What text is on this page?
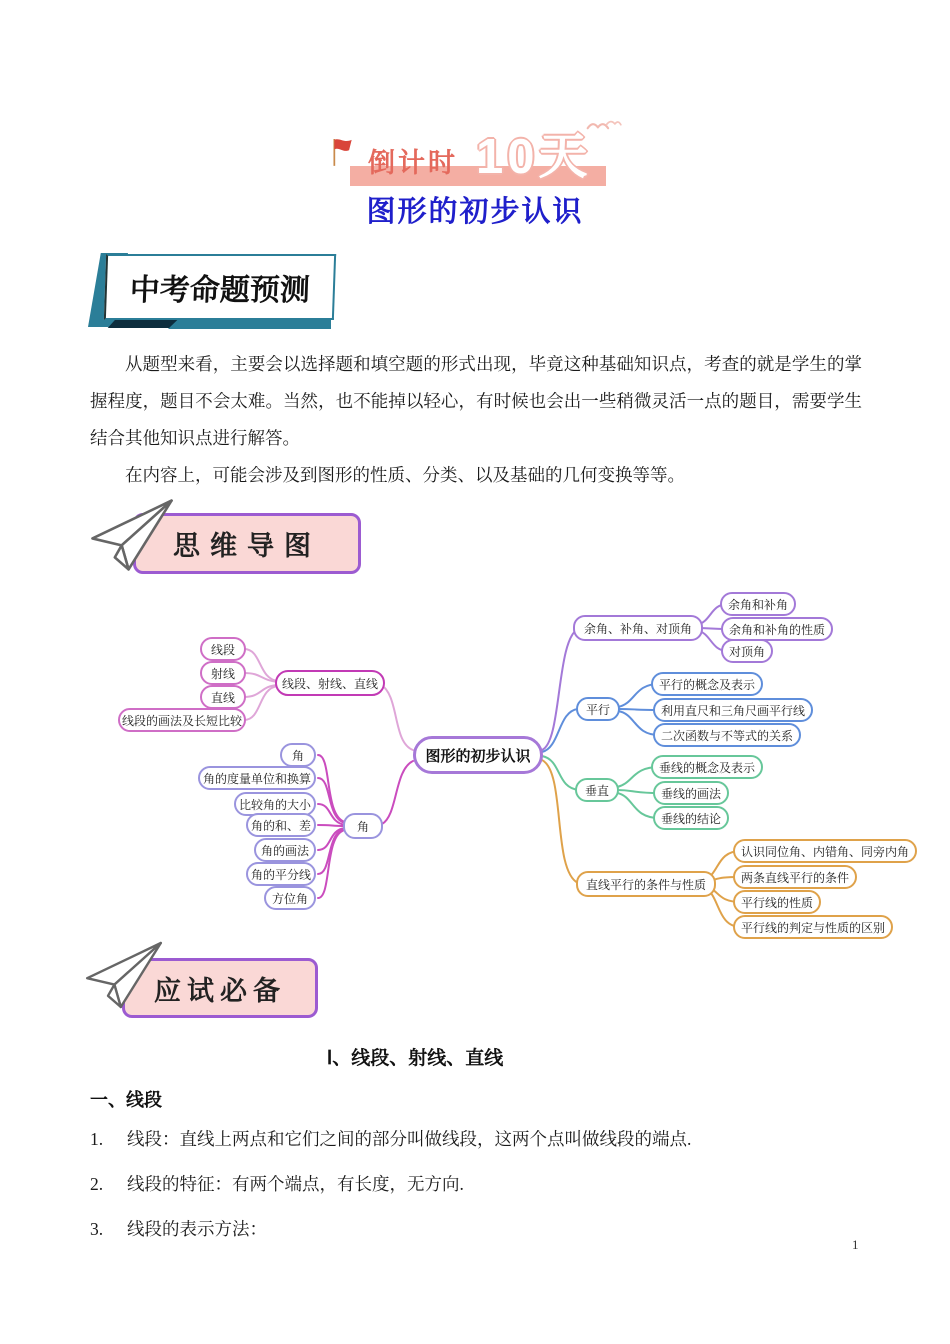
倒计时 10天
图形的初步认识
中考命题预测

从题型来看，主要会以选择题和填空题的形式出现，毕竟这种基础知识点，考查的就是学生的掌握程度，题目不会太难。当然，也不能掉以轻心，有时候也会出一些稍微灵活一点的题目，需要学生结合其他知识点进行解答。

在内容上，可能会涉及到图形的性质、分类、以及基础的几何变换等等。

思维导图
线段
射线
直线
线段的画法及长短比较
线段、射线、直线
角
角的度量单位和换算
比较角的大小
角的和、差
角的画法
角的平分线
方位角
角
图形的初步认识
余角、补角、对顶角
余角和补角
余角和补角的性质
对顶角
平行
平行的概念及表示
利用直尺和三角尺画平行线
二次函数与不等式的关系
垂直
垂线的概念及表示
垂线的画法
垂线的结论
直线平行的条件与性质
认识同位角、内错角、同旁内角
两条直线平行的条件
平行线的性质
平行线的判定与性质的区别
应试必备
Ⅰ、线段、射线、直线
一、线段
1. 线段：直线上两点和它们之间的部分叫做线段，这两个点叫做线段的端点.
2. 线段的特征：有两个端点，有长度，无方向.
3. 线段的表示方法：
1
